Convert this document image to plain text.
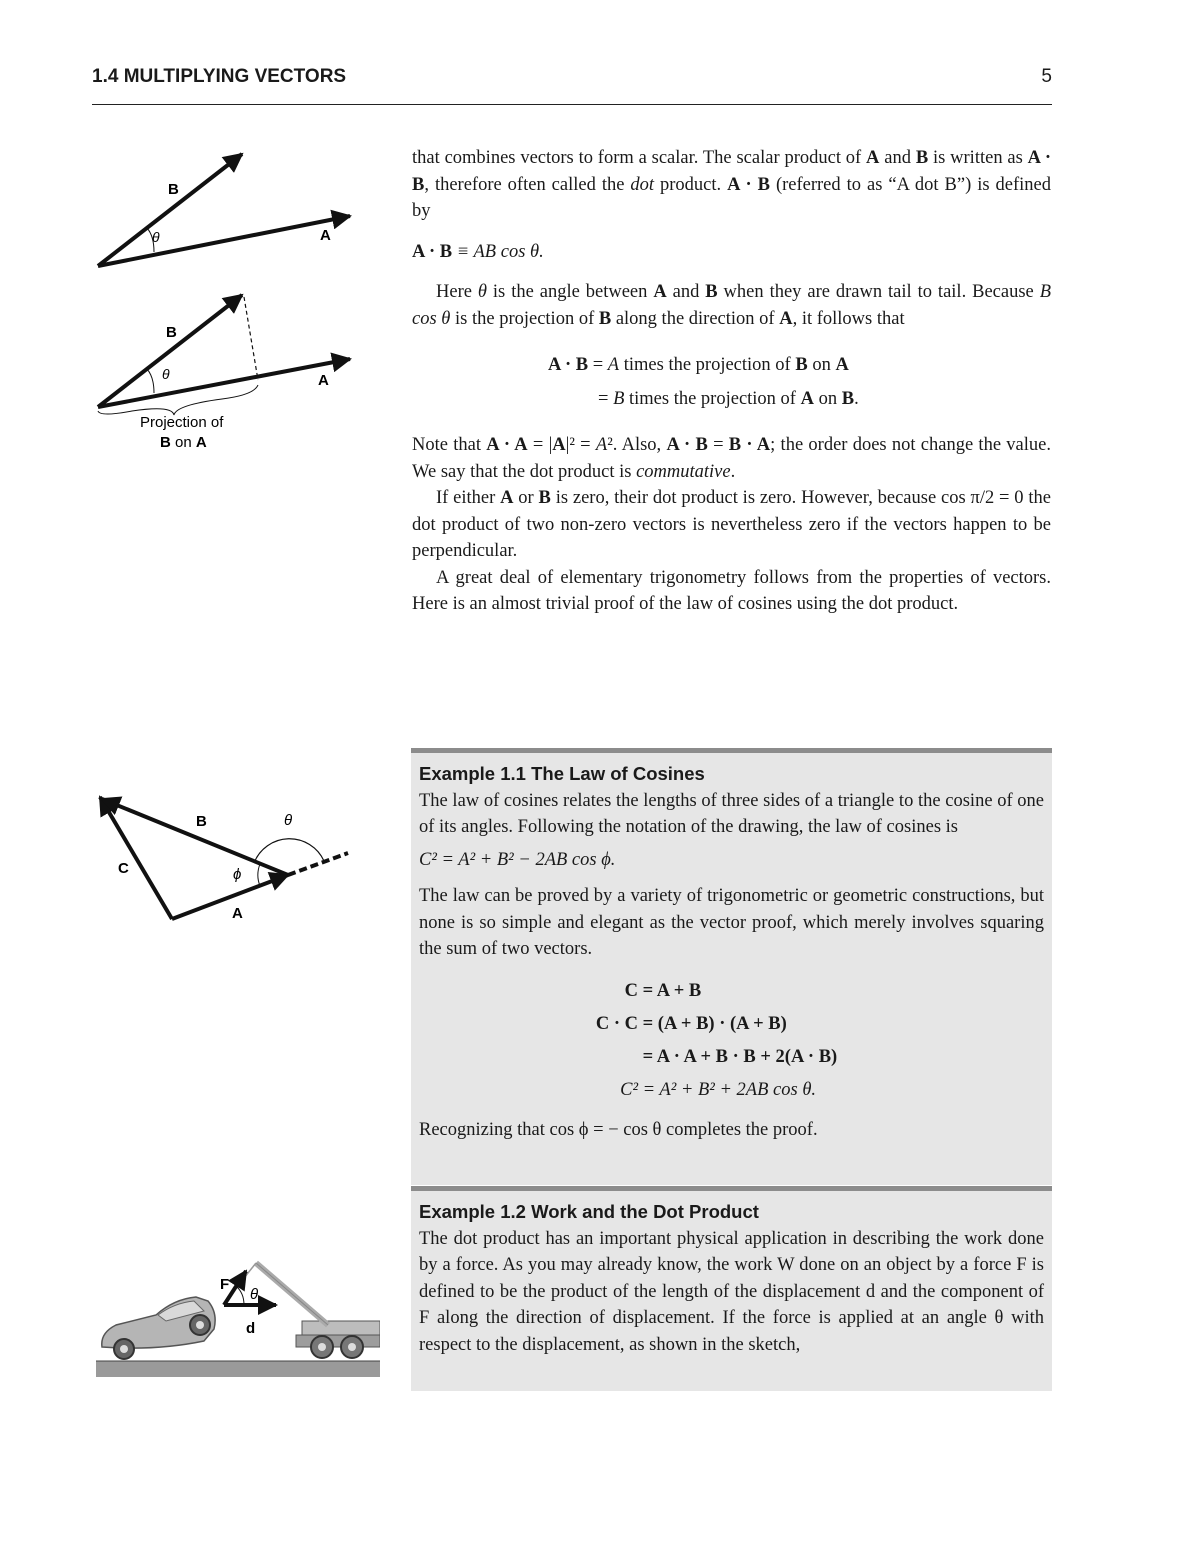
1.4 MULTIPLYING VECTORS	5
B
A
θ
B
A
θ
Projection of
B on A

that combines vectors to form a scalar. The scalar product of A and B is written as A · B, therefore often called the dot product. A · B (referred to as “A dot B”) is defined by

A · B ≡ AB cos θ.

Here θ is the angle between A and B when they are drawn tail to tail. Because B cos θ is the projection of B along the direction of A, it follows that

A · B = A times the projection of B on A
= B times the projection of A on B.

Note that A · A = |A|² = A². Also, A · B = B · A; the order does not change the value. We say that the dot product is commutative.

If either A or B is zero, their dot product is zero. However, because cos π/2 = 0 the dot product of two non-zero vectors is nevertheless zero if the vectors happen to be perpendicular.

A great deal of elementary trigonometry follows from the properties of vectors. Here is an almost trivial proof of the law of cosines using the dot product.

B
C
A
θ
ϕ
Example 1.1 The Law of Cosines

The law of cosines relates the lengths of three sides of a triangle to the cosine of one of its angles. Following the notation of the drawing, the law of cosines is

C² = A² + B² − 2AB cos ϕ.

The law can be proved by a variety of trigonometric or geometric constructions, but none is so simple and elegant as the vector proof, which merely involves squaring the sum of two vectors.

C = A + B
C · C = (A + B) · (A + B)
= A · A + B · B + 2(A · B)
C² = A² + B² + 2AB cos θ.

Recognizing that cos ϕ = − cos θ completes the proof.

Example 1.2 Work and the Dot Product

The dot product has an important physical application in describing the work done by a force. As you may already know, the work W done on an object by a force F is defined to be the product of the length of the displacement d and the component of F along the direction of displacement. If the force is applied at an angle θ with respect to the displacement, as shown in the sketch,

F
θ
d
